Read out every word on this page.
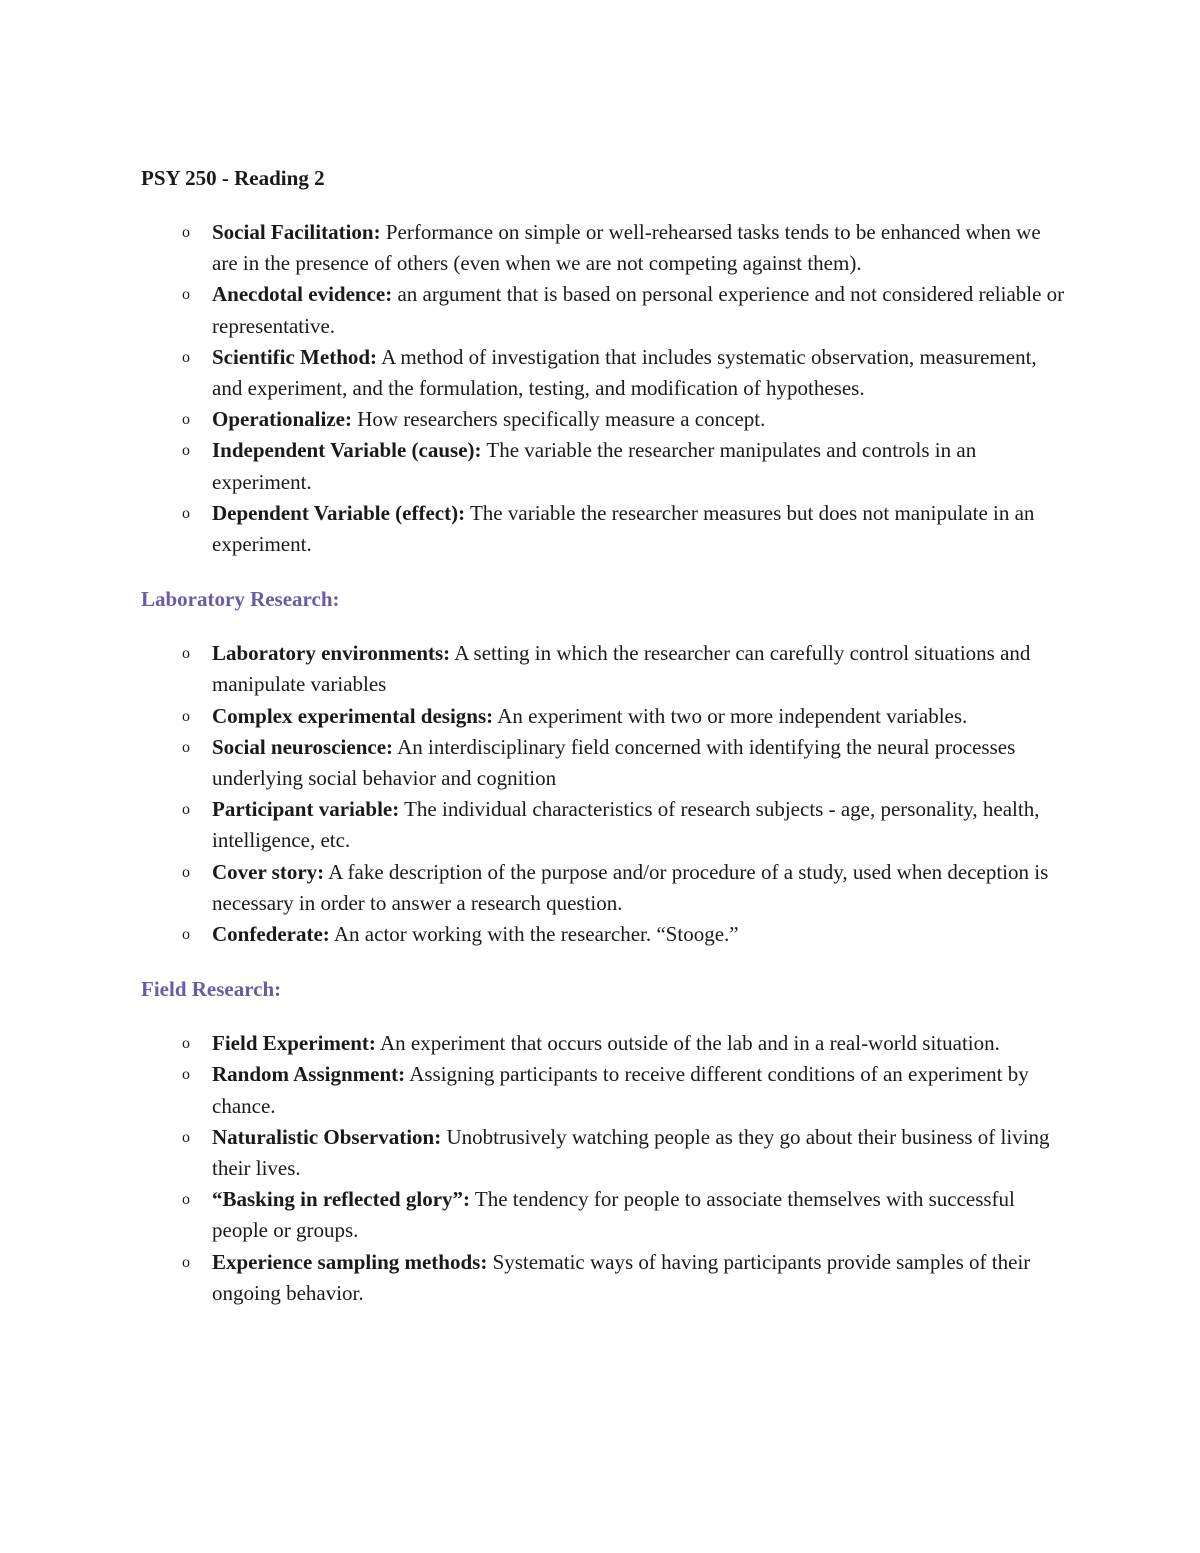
PSY 250 - Reading 2
o	Social Facilitation: Performance on simple or well-rehearsed tasks tends to be enhanced when we are in the presence of others (even when we are not competing against them).
o	Anecdotal evidence: an argument that is based on personal experience and not considered reliable or representative.
o	Scientific Method: A method of investigation that includes systematic observation, measurement, and experiment, and the formulation, testing, and modification of hypotheses.
o	Operationalize: How researchers specifically measure a concept.
o	Independent Variable (cause): The variable the researcher manipulates and controls in an experiment.
o	Dependent Variable (effect): The variable the researcher measures but does not manipulate in an experiment.
Laboratory Research:
o	Laboratory environments: A setting in which the researcher can carefully control situations and manipulate variables
o	Complex experimental designs: An experiment with two or more independent variables.
o	Social neuroscience: An interdisciplinary field concerned with identifying the neural processes underlying social behavior and cognition
o	Participant variable: The individual characteristics of research subjects - age, personality, health, intelligence, etc.
o	Cover story: A fake description of the purpose and/or procedure of a study, used when deception is necessary in order to answer a research question.
o	Confederate: An actor working with the researcher. “Stooge.”
Field Research:
o	Field Experiment: An experiment that occurs outside of the lab and in a real-world situation.
o	Random Assignment: Assigning participants to receive different conditions of an experiment by chance.
o	Naturalistic Observation: Unobtrusively watching people as they go about their business of living their lives.
o	“Basking in reflected glory”: The tendency for people to associate themselves with successful people or groups.
o	Experience sampling methods: Systematic ways of having participants provide samples of their ongoing behavior.
